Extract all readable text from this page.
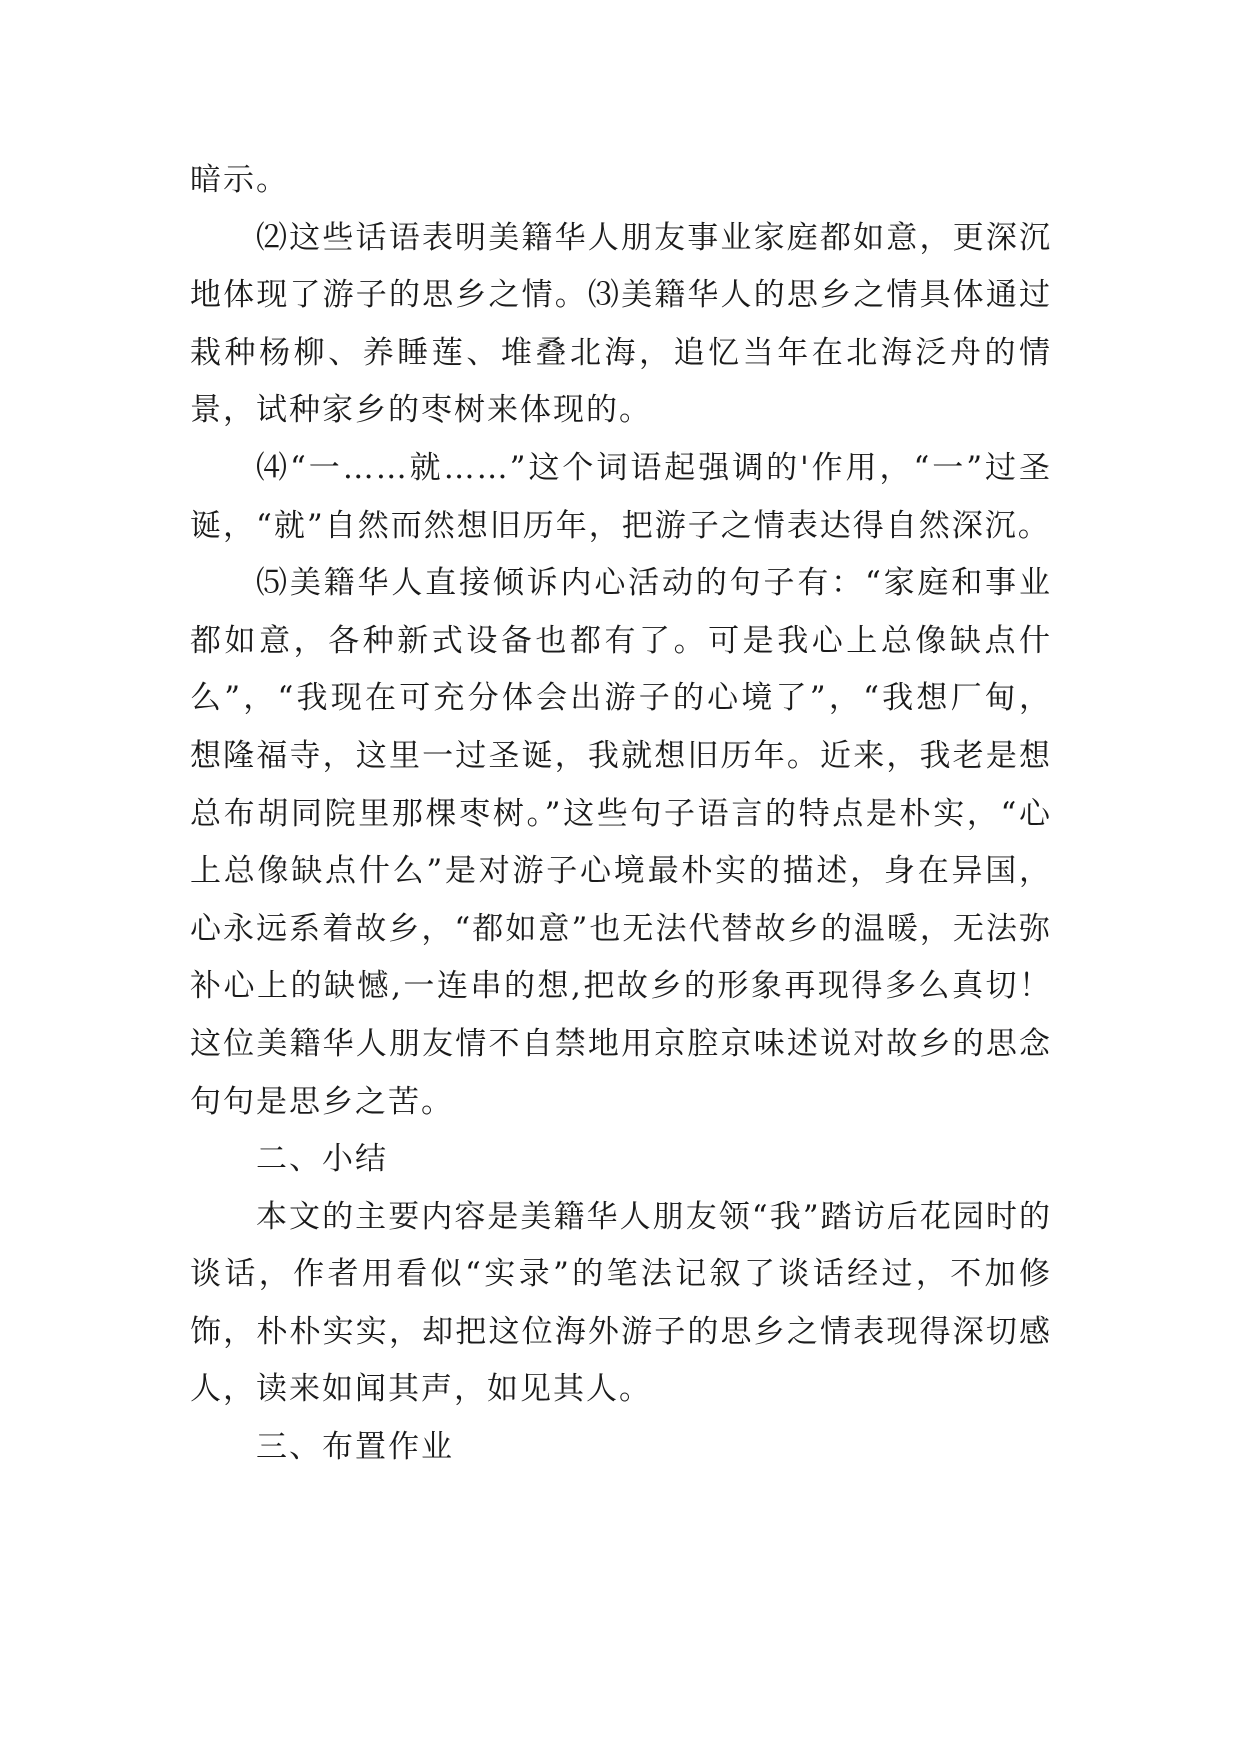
暗示。

⑵这些话语表明美籍华人朋友事业家庭都如意，更深沉地体现了游子的思乡之情。⑶美籍华人的思乡之情具体通过栽种杨柳、养睡莲、堆叠北海，追忆当年在北海泛舟的情景，试种家乡的枣树来体现的。

⑷“一……就……”这个词语起强调的'作用，“一”过圣诞，“就”自然而然想旧历年，把游子之情表达得自然深沉。

⑸美籍华人直接倾诉内心活动的句子有：“家庭和事业都如意，各种新式设备也都有了。可是我心上总像缺点什么”，“我现在可充分体会出游子的心境了”，“我想厂甸，想隆福寺，这里一过圣诞，我就想旧历年。近来，我老是想总布胡同院里那棵枣树。”这些句子语言的特点是朴实，“心上总像缺点什么”是对游子心境最朴实的描述，身在异国，心永远系着故乡，“都如意”也无法代替故乡的温暖，无法弥补心上的缺憾,一连串的想,把故乡的形象再现得多么真切！这位美籍华人朋友情不自禁地用京腔京味述说对故乡的思念句句是思乡之苦。

二、小结

本文的主要内容是美籍华人朋友领“我”踏访后花园时的谈话，作者用看似“实录”的笔法记叙了谈话经过，不加修饰，朴朴实实，却把这位海外游子的思乡之情表现得深切感人，读来如闻其声，如见其人。

三、布置作业
